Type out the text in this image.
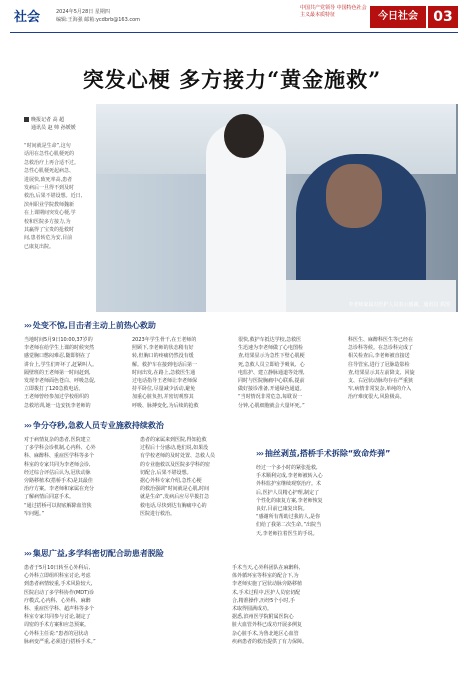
社会	2024年5月28日 星期四
编辑:王海强 邮箱:ycdbrb@163.com
中国共产党领导 中国特色社会主义最本质特征	今日社会	03
突发心梗 多方接力“黄金施救”
晚报记者 高 超
通讯员 赵 帅 孙媛媛
“时间就是生命”,这句
话用在急性心肌梗死的
急救治疗上再合适不过。
急性心肌梗死起病急、
进展快,致死率高,患者
发病后一旦得不到及时
救治,后果不堪设想。近日,
滨州职业学院教师魏新
在上课期间突发心梗,学
校和医院多方接力,为
其赢得了宝贵的抢救时
间,患者转危为安,目前
已康复出院。
李老师家属对医护人员表示感谢。通讯员 供图
››› 处变不惊,目击者主动上前热心救助
››› 争分夺秒,急救人员专业施救持续救治
››› 抽丝剥茧,搭桥手术拆除“致命炸弹”
››› 集思广益,多学科密切配合助患者脱险
当地时间5月9日10:00,37岁的
李老师在给学生上课的时候突然
感觉胸口憋闷难忍,随即倒在了
讲台上,学生们吓坏了,赶紧叫人。
隔壁班的王老师第一时间赶到,
发现李老师面色苍白、呼吸急促,
立即拨打了120急救电话。
王老师曾经参加过学校组织的
急救培训,她一边安抚李老师的
2023年学生骨干,在王老师的
照顾下,李老师的状态稍有好
转,但胸口的疼痛仍然没有缓
解。救护车在接到电话后第一
时间出发,在路上,急救医生通
过电话指导王老师让李老师保
持平卧位,尽量减少活动,避免
加重心脏负担,并密切观察其
呼吸、脉搏变化,为后续的抢救
很快,救护车抵达学校,急救医
生迅速为李老师做了心电图检
查,结果显示为急性下壁心肌梗
死,急救人员立即给予吸氧、心
电监护、建立静脉通道等处理,
同时与医院胸痛中心联系,提前
做好接诊准备,开通绿色通道。
“当时情况非常危急,每耽误一
分钟,心肌细胞就会大量坏死。”
科医生、麻醉科医生等已经在
急诊科等候。在急诊科完成了
相关检查后,李老师被直接送
往导管室,进行了冠脉造影检
查,结果显示其左前降支、回旋
支、右冠状动脉均存在严重狭
窄,病情非常复杂,单纯的介入
治疗难度很大,风险极高。
对于病情复杂的患者,医院建立
了多学科会诊机制,心内科、心外
科、麻醉科、重症医学科等多个
科室的专家共同为李老师会诊,
经过综合评估后认为,冠状动脉
旁路移植术(搭桥手术)是其最佳
治疗方案。李老师和家属在充分
了解病情后同意手术。
“通过搭桥可以彻底解除血管狭
窄问题。”
患者的家属来到医院,得知抢救
过程后十分感动,他们说,如果没
有学校老师的及时处置、急救人员
的专业施救以及医院多学科的密
切配合,后果不堪设想。
据心外科专家介绍,急性心梗
的救治强调“时间就是心肌,时间
就是生命”,发病后应尽早拨打急
救电话,尽快到达有胸痛中心的
医院进行救治。
经过一个多小时的紧张抢救,
手术顺利完成,李老师被转入心
外科监护室继续观察治疗。术
后,医护人员精心护理,制定了
个性化的康复方案,李老师恢复
良好,目前已康复出院。
“感谢所有帮助过我的人,是你
们给了我第二次生命。”出院当
天,李老师拉着医生的手说。
患者于5月10日转至心外科后,
心外科立即组织科室讨论,考虑
到患者病情较重,手术风险较大,
医院启动了多学科协作(MDT)诊
疗模式,心内科、心外科、麻醉
科、重症医学科、超声科等多个
科室专家共同参与讨论,制定了
周密的手术方案和应急预案。
心外科主任说:“患者的冠状动
脉病变严重,必须进行搭桥手术。”
手术当天,心外科团队在麻醉科、
体外循环室等科室的配合下,为
李老师实施了冠状动脉旁路移植
术,手术过程中,医护人员密切配
合,精准操作,历经5个小时,手
术取得圆满成功。
据悉,滨州医学院附属医院心
脏大血管外科已成功开展多例复
杂心脏手术,为鲁北地区心血管
疾病患者的救治提供了有力保障。
